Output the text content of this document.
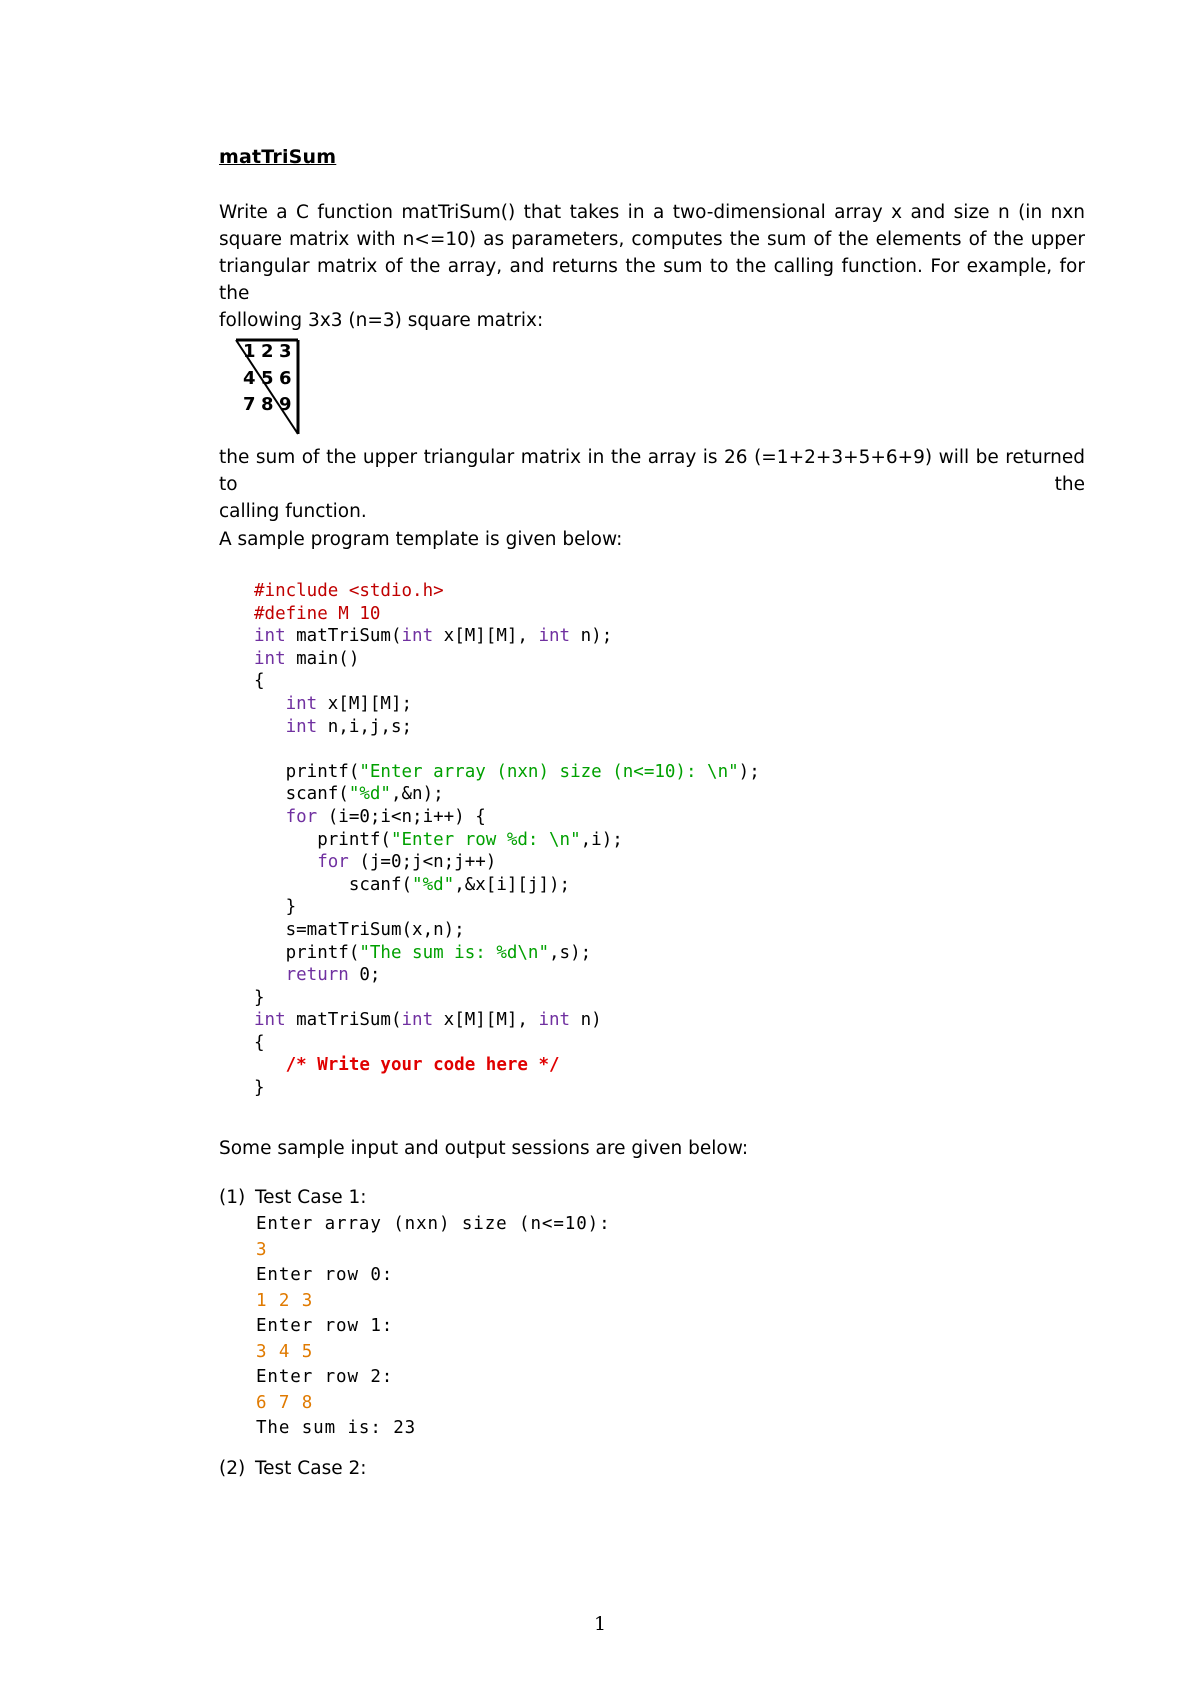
matTriSum
Write a C function matTriSum() that takes in a two-dimensional array x and size n (in nxn
square matrix with n<=10) as parameters, computes the sum of the elements of the upper
triangular matrix of the array, and returns the sum to the calling function. For example, for the
following 3x3 (n=3) square matrix:
1 2 3
4 5 6
7 8 9
the sum of the upper triangular matrix in the array is 26 (=1+2+3+5+6+9) will be returned to the
calling function.
A sample program template is given below:
#include <stdio.h>
#define M 10
int matTriSum(int x[M][M], int n);
int main()
{
int x[M][M];
int n,i,j,s;
printf("Enter array (nxn) size (n<=10): \n");
scanf("%d",&n);
for (i=0;i<n;i++) {
printf("Enter row %d: \n",i);
for (j=0;j<n;j++)
scanf("%d",&x[i][j]);
}
s=matTriSum(x,n);
printf("The sum is: %d\n",s);
return 0;
}
int matTriSum(int x[M][M], int n)
{
/* Write your code here */
}
Some sample input and output sessions are given below:
(1) Test Case 1:
Enter array (nxn) size (n<=10):
3
Enter row 0:
1 2 3
Enter row 1:
3 4 5
Enter row 2:
6 7 8
The sum is: 23
(2) Test Case 2:
1
